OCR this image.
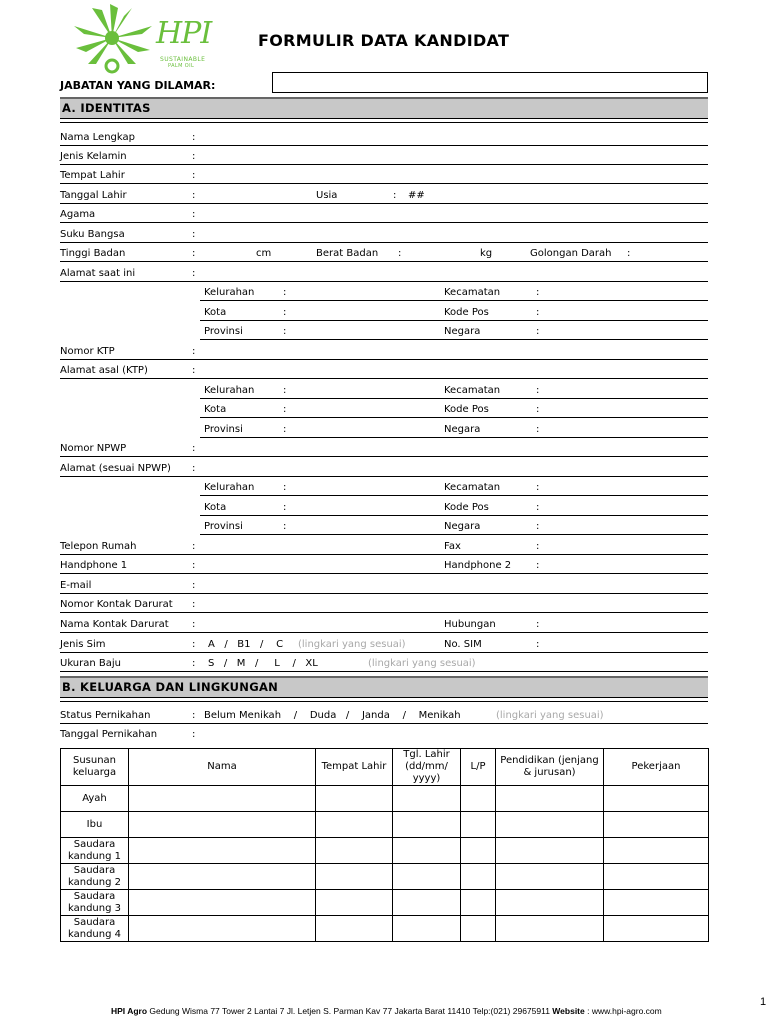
HPI
SUSTAINABLE
PALM OIL
FORMULIR DATA KANDIDAT
JABATAN YANG DILAMAR:
A. IDENTITAS
Nama Lengkap	:
Jenis Kelamin	:
Tempat Lahir	:
Tanggal Lahir	:	Usia	: ##
Agama	:
Suku Bangsa	:
Tinggi Badan	:	cm	Berat Badan :	kg	Golongan Darah :
Alamat saat ini	:
Kelurahan	:	Kecamatan	:
Kota	:	Kode Pos	:
Provinsi	:	Negara	:
Nomor KTP	:
Alamat asal (KTP)	:
Kelurahan	:	Kecamatan	:
Kota	:	Kode Pos	:
Provinsi	:	Negara	:
Nomor NPWP	:
Alamat (sesuai NPWP) :
Kelurahan	:	Kecamatan	:
Kota	:	Kode Pos	:
Provinsi	:	Negara	:
Telepon Rumah	:	Fax	:
Handphone 1	:	Handphone 2 :
E-mail	:
Nomor Kontak Darurat :
Nama Kontak Darurat :	Hubungan	:
Jenis Sim	: A   /   B1   /    C (lingkari yang sesuai)	No. SIM	:
Ukuran Baju	: S   /   M   /     L    /   XL	(lingkari yang sesuai)
B. KELUARGA DAN LINGKUNGAN
Status Pernikahan	: Belum Menikah    /    Duda   /    Janda    /    Menikah	(lingkari yang sesuai)
Tanggal Pernikahan	:
Susunan keluarga	Nama	Tempat Lahir	Tgl. Lahir (dd/mm/ yyyy)	L/P	Pendidikan (jenjang & jurusan)	Pekerjaan
Ayah						
Ibu						
Saudara kandung 1						
Saudara kandung 2						
Saudara kandung 3						
Saudara kandung 4						

HPI Agro Gedung Wisma 77 Tower 2 Lantai 7 Jl. Letjen S. Parman Kav 77 Jakarta Barat 11410 Telp:(021) 29675911 Website : www.hpi-agro.com

1
